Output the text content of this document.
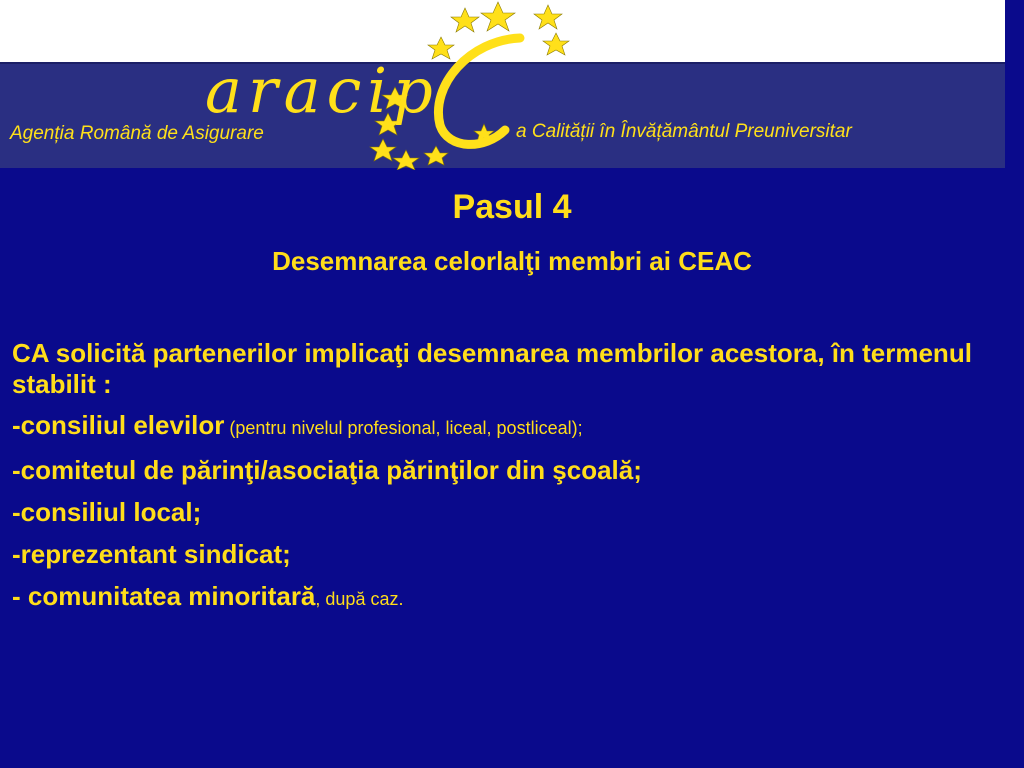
aracip
Agenția Română de Asigurare	a Calității în Învățământul Preuniversitar
Pasul 4
Desemnarea celorlalţi membri ai CEAC
CA solicită partenerilor implicaţi desemnarea membrilor acestora, în termenul stabilit :
-consiliul elevilor (pentru nivelul profesional, liceal, postliceal);
-comitetul de părinţi/asociaţia părinţilor din şcoală;
-consiliul local;
-reprezentant sindicat;
- comunitatea minoritară, după caz.
